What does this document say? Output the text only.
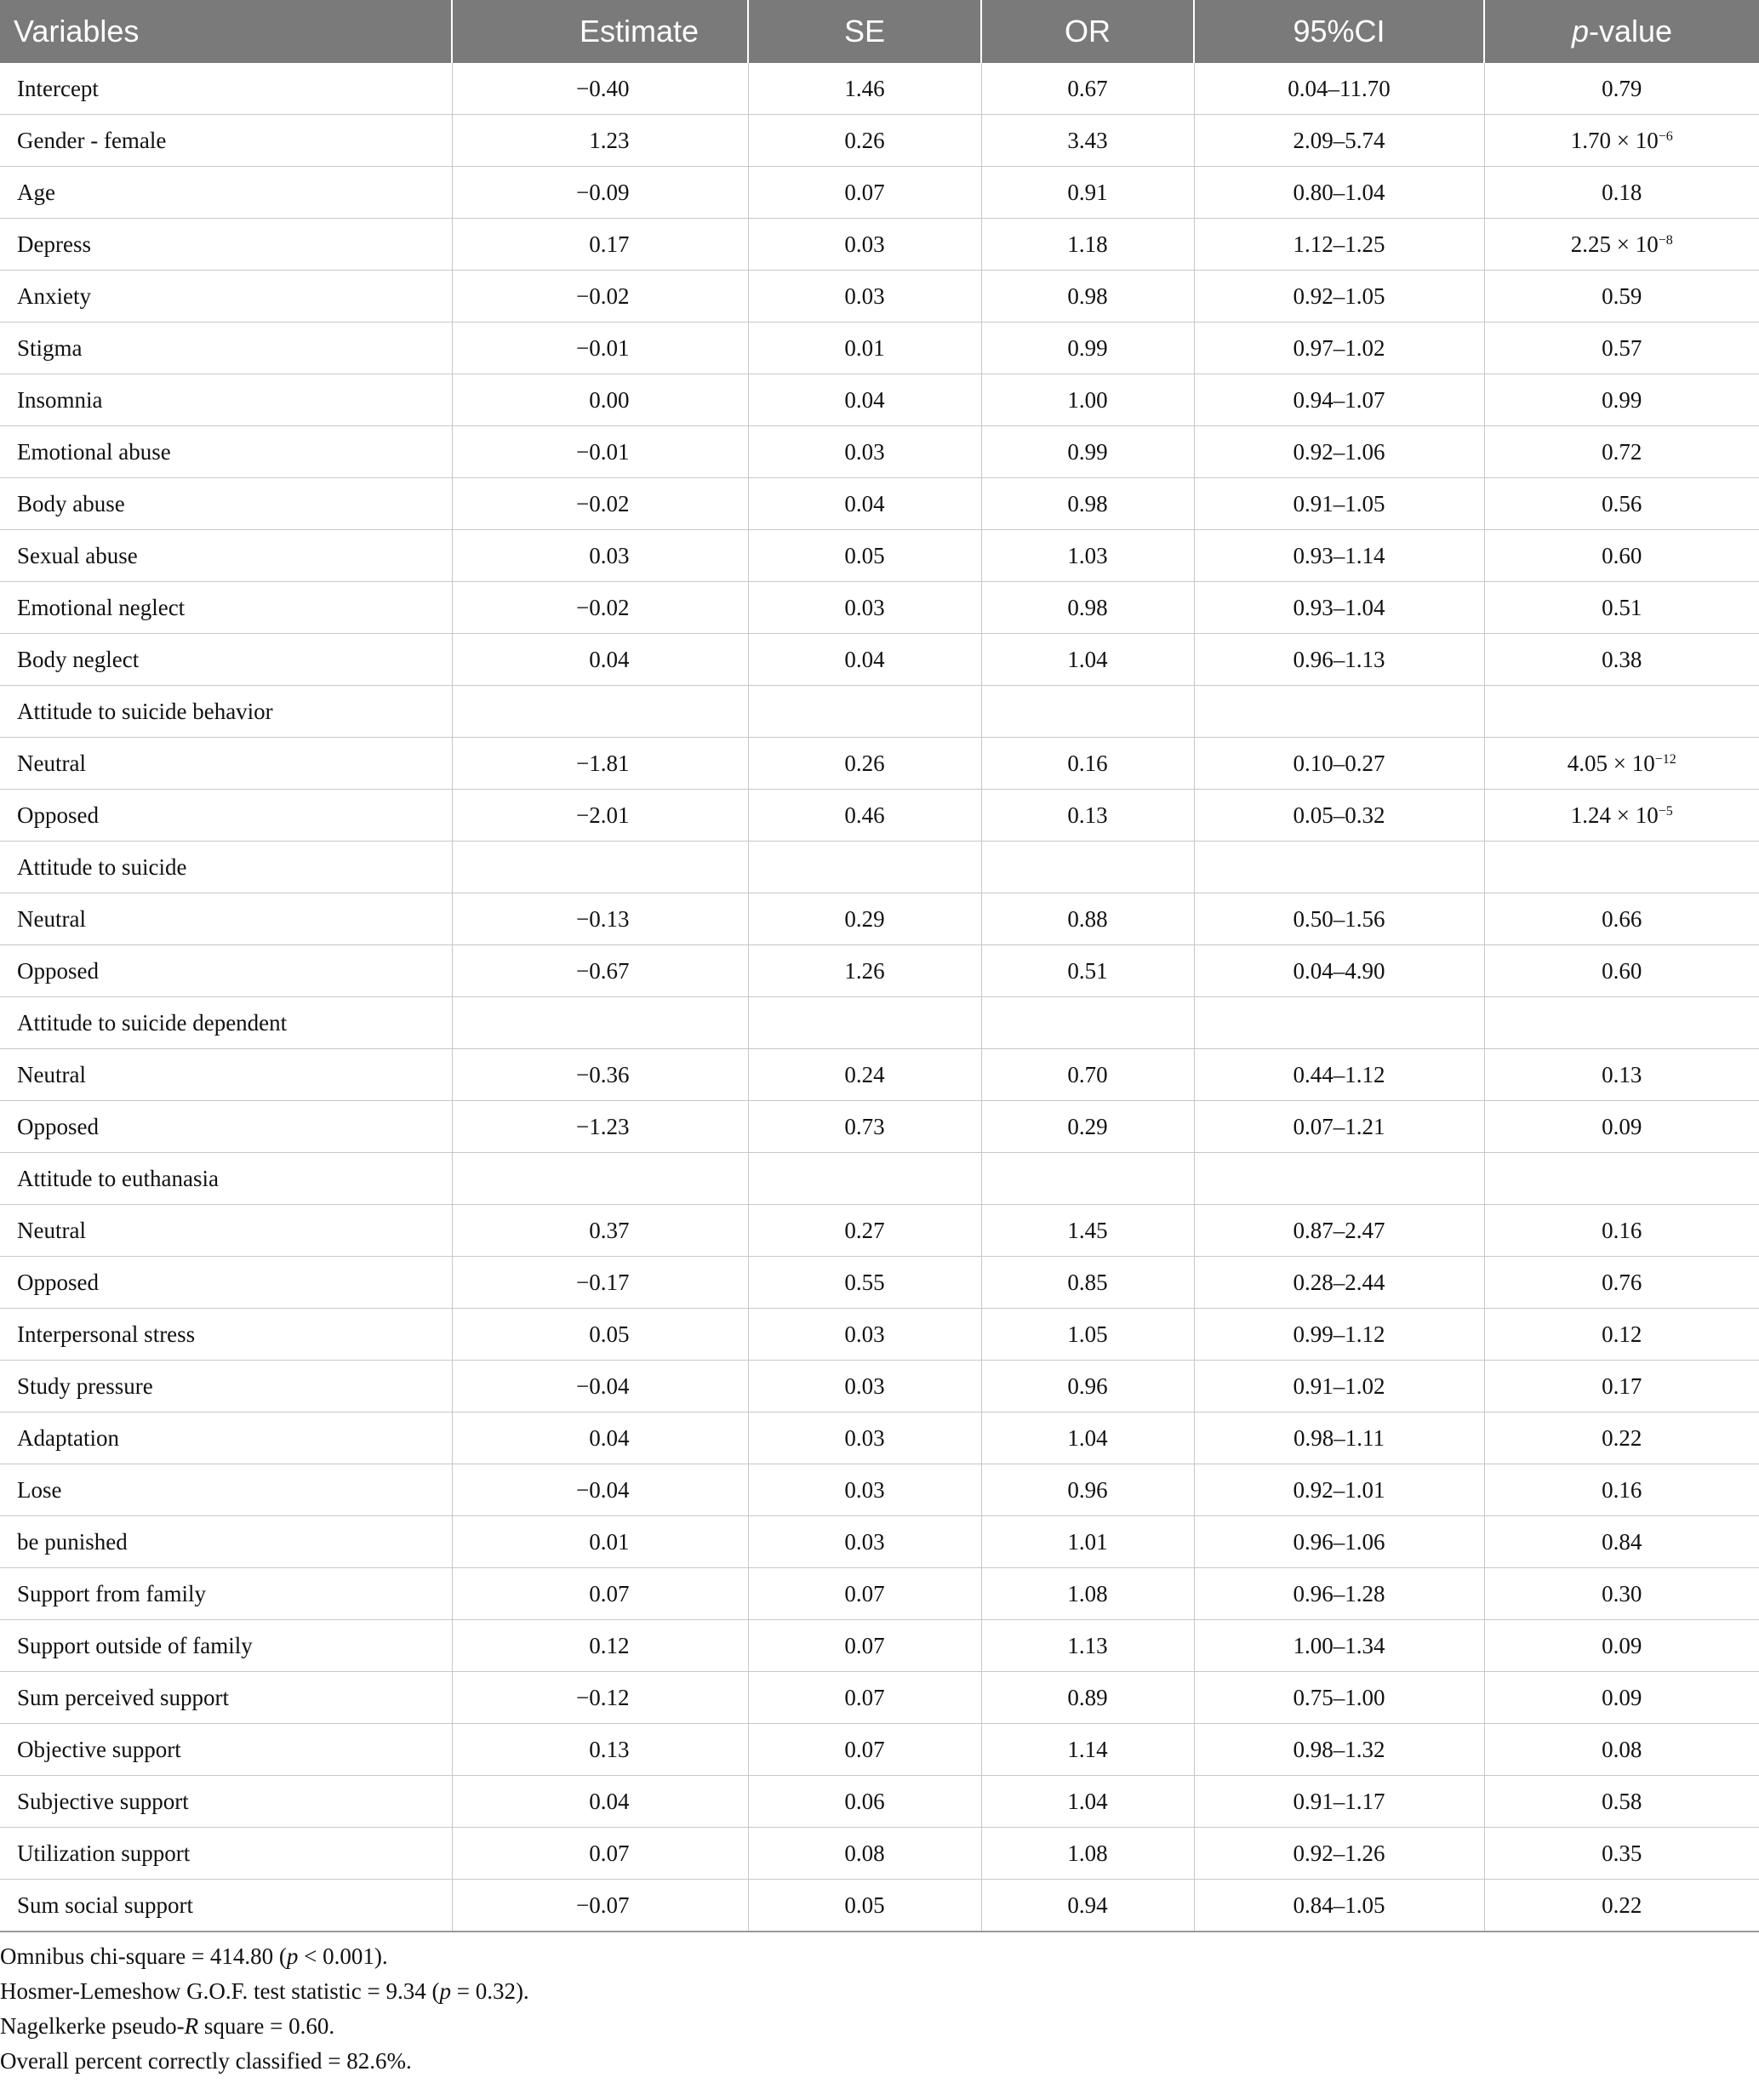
Variables	Estimate	SE	OR	95%CI	p-value
Intercept	−0.40	1.46	0.67	0.04–11.70	0.79
Gender - female	1.23	0.26	3.43	2.09–5.74	$1.70 \times 10^{-6}$
Age	−0.09	0.07	0.91	0.80–1.04	0.18
Depress	0.17	0.03	1.18	1.12–1.25	$2.25 \times 10^{-8}$
Anxiety	−0.02	0.03	0.98	0.92–1.05	0.59
Stigma	−0.01	0.01	0.99	0.97–1.02	0.57
Insomnia	0.00	0.04	1.00	0.94–1.07	0.99
Emotional abuse	−0.01	0.03	0.99	0.92–1.06	0.72
Body abuse	−0.02	0.04	0.98	0.91–1.05	0.56
Sexual abuse	0.03	0.05	1.03	0.93–1.14	0.60
Emotional neglect	−0.02	0.03	0.98	0.93–1.04	0.51
Body neglect	0.04	0.04	1.04	0.96–1.13	0.38
Attitude to suicide behavior					
Neutral	−1.81	0.26	0.16	0.10–0.27	$4.05 \times 10^{-12}$
Opposed	−2.01	0.46	0.13	0.05–0.32	$1.24 \times 10^{-5}$
Attitude to suicide					
Neutral	−0.13	0.29	0.88	0.50–1.56	0.66
Opposed	−0.67	1.26	0.51	0.04–4.90	0.60
Attitude to suicide dependent					
Neutral	−0.36	0.24	0.70	0.44–1.12	0.13
Opposed	−1.23	0.73	0.29	0.07–1.21	0.09
Attitude to euthanasia					
Neutral	0.37	0.27	1.45	0.87–2.47	0.16
Opposed	−0.17	0.55	0.85	0.28–2.44	0.76
Interpersonal stress	0.05	0.03	1.05	0.99–1.12	0.12
Study pressure	−0.04	0.03	0.96	0.91–1.02	0.17
Adaptation	0.04	0.03	1.04	0.98–1.11	0.22
Lose	−0.04	0.03	0.96	0.92–1.01	0.16
be punished	0.01	0.03	1.01	0.96–1.06	0.84
Support from family	0.07	0.07	1.08	0.96–1.28	0.30
Support outside of family	0.12	0.07	1.13	1.00–1.34	0.09
Sum perceived support	−0.12	0.07	0.89	0.75–1.00	0.09
Objective support	0.13	0.07	1.14	0.98–1.32	0.08
Subjective support	0.04	0.06	1.04	0.91–1.17	0.58
Utilization support	0.07	0.08	1.08	0.92–1.26	0.35
Sum social support	−0.07	0.05	0.94	0.84–1.05	0.22
Omnibus chi-square = 414.80 (p < 0.001).
Hosmer-Lemeshow G.O.F. test statistic = 9.34 (p = 0.32).
Nagelkerke pseudo-R square = 0.60.
Overall percent correctly classified = 82.6%.
